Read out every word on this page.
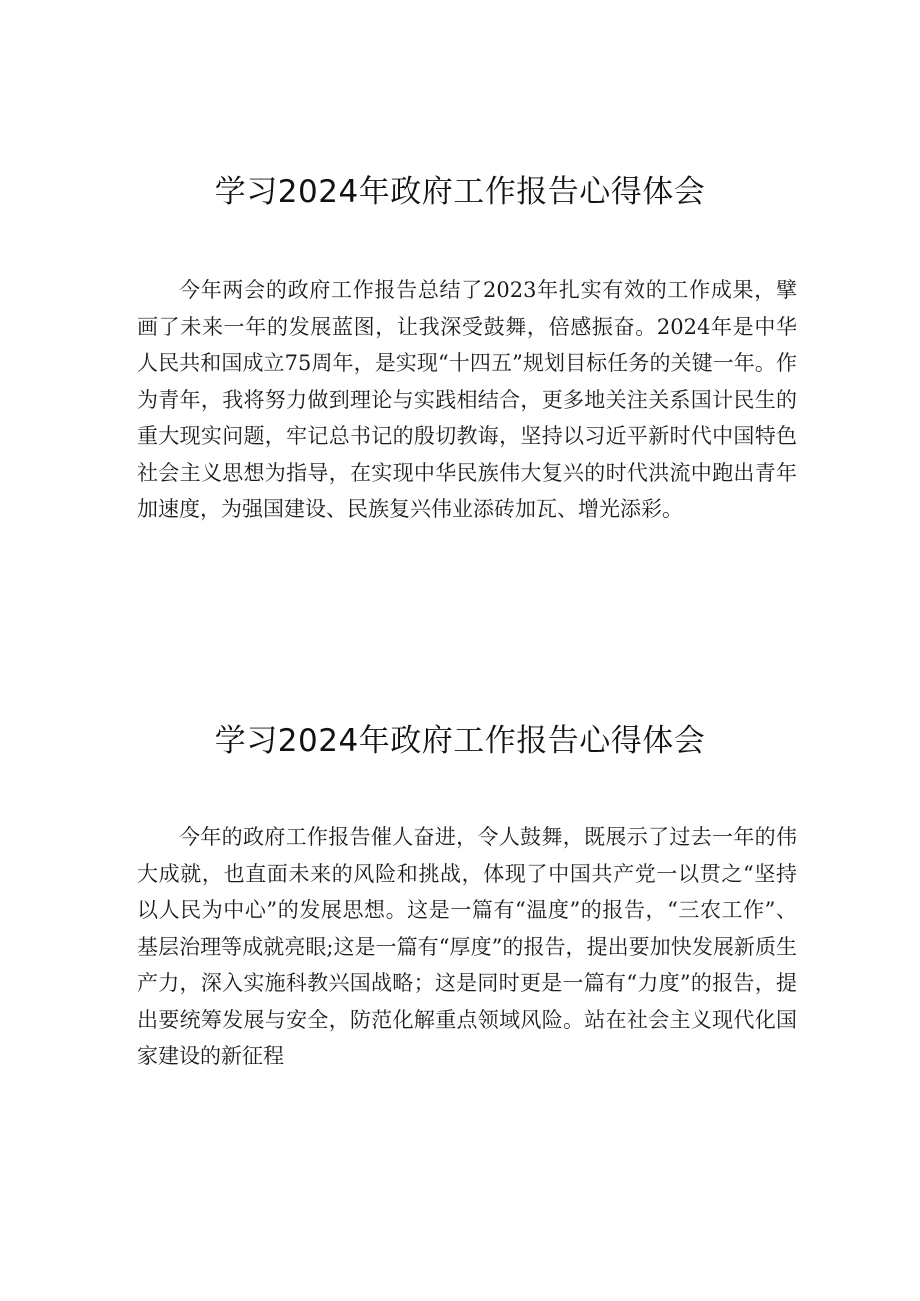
学习2024年政府工作报告心得体会

今年两会的政府工作报告总结了2023年扎实有效的工作成果，擘画了未来一年的发展蓝图，让我深受鼓舞，倍感振奋。2024年是中华人民共和国成立75周年，是实现“十四五”规划目标任务的关键一年。作为青年，我将努力做到理论与实践相结合，更多地关注关系国计民生的重大现实问题，牢记总书记的殷切教诲，坚持以习近平新时代中国特色社会主义思想为指导，在实现中华民族伟大复兴的时代洪流中跑出青年加速度，为强国建设、民族复兴伟业添砖加瓦、增光添彩。

学习2024年政府工作报告心得体会

今年的政府工作报告催人奋进，令人鼓舞，既展示了过去一年的伟大成就，也直面未来的风险和挑战，体现了中国共产党一以贯之“坚持以人民为中心”的发展思想。这是一篇有“温度”的报告，“三农工作”、基层治理等成就亮眼;这是一篇有“厚度”的报告，提出要加快发展新质生产力，深入实施科教兴国战略；这是同时更是一篇有“力度”的报告，提出要统筹发展与安全，防范化解重点领域风险。站在社会主义现代化国家建设的新征程
